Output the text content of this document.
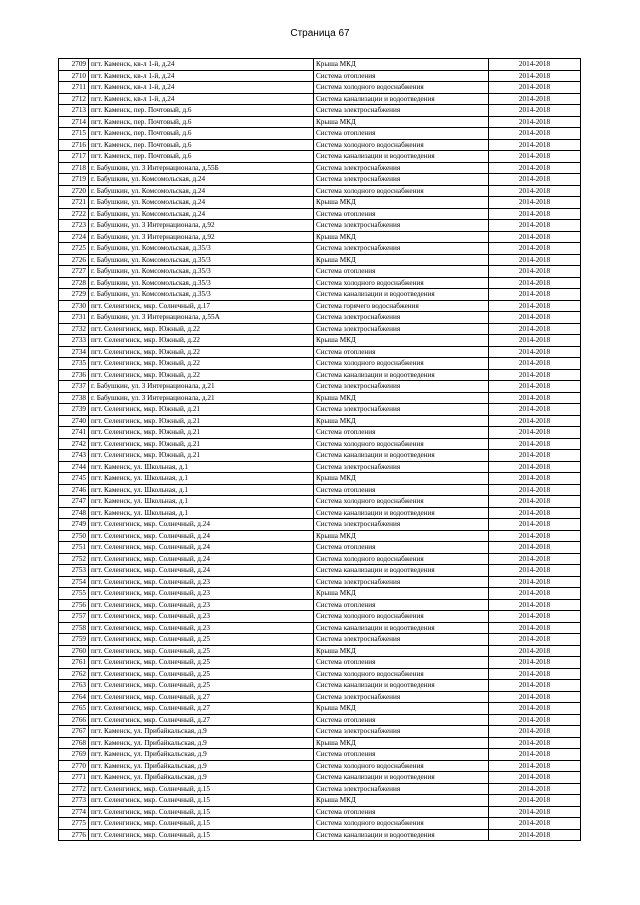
Страница 67
2709	пгт. Каменск, кв-л 1-й, д.24	Крыша МКД	2014-2018
2710	пгт. Каменск, кв-л 1-й, д.24	Система отопления	2014-2018
2711	пгт. Каменск, кв-л 1-й, д.24	Система холодного водоснабжения	2014-2018
2712	пгт. Каменск, кв-л 1-й, д.24	Система канализации и водоотведения	2014-2018
2713	пгт. Каменск, пер. Почтовый, д.6	Система электроснабжения	2014-2018
2714	пгт. Каменск, пер. Почтовый, д.6	Крыша МКД	2014-2018
2715	пгт. Каменск, пер. Почтовый, д.6	Система отопления	2014-2018
2716	пгт. Каменск, пер. Почтовый, д.6	Система холодного водоснабжения	2014-2018
2717	пгт. Каменск, пер. Почтовый, д.6	Система канализации и водоотведения	2014-2018
2718	г. Бабушкин, ул. 3 Интернационала, д.55Б	Система электроснабжения	2014-2018
2719	г. Бабушкин, ул. Комсомольская, д.24	Система электроснабжения	2014-2018
2720	г. Бабушкин, ул. Комсомольская, д.24	Система холодного водоснабжения	2014-2018
2721	г. Бабушкин, ул. Комсомольская, д.24	Крыша МКД	2014-2018
2722	г. Бабушкин, ул. Комсомольская, д.24	Система отопления	2014-2018
2723	г. Бабушкин, ул. 3 Интернационала, д.92	Система электроснабжения	2014-2018
2724	г. Бабушкин, ул. 3 Интернационала, д.92	Крыша МКД	2014-2018
2725	г. Бабушкин, ул. Комсомольская, д.35/3	Система электроснабжения	2014-2018
2726	г. Бабушкин, ул. Комсомольская, д.35/3	Крыша МКД	2014-2018
2727	г. Бабушкин, ул. Комсомольская, д.35/3	Система отопления	2014-2018
2728	г. Бабушкин, ул. Комсомольская, д.35/3	Система холодного водоснабжения	2014-2018
2729	г. Бабушкин, ул. Комсомольская, д.35/3	Система канализации и водоотведения	2014-2018
2730	пгт. Селенгинск, мкр. Солнечный, д.17	Система горячего водоснабжения	2014-2018
2731	г. Бабушкин, ул. 3 Интернационала, д.55А	Система электроснабжения	2014-2018
2732	пгт. Селенгинск, мкр. Южный, д.22	Система электроснабжения	2014-2018
2733	пгт. Селенгинск, мкр. Южный, д.22	Крыша МКД	2014-2018
2734	пгт. Селенгинск, мкр. Южный, д.22	Система отопления	2014-2018
2735	пгт. Селенгинск, мкр. Южный, д.22	Система холодного водоснабжения	2014-2018
2736	пгт. Селенгинск, мкр. Южный, д.22	Система канализации и водоотведения	2014-2018
2737	г. Бабушкин, ул. 3 Интернационала, д.21	Система электроснабжения	2014-2018
2738	г. Бабушкин, ул. 3 Интернационала, д.21	Крыша МКД	2014-2018
2739	пгт. Селенгинск, мкр. Южный, д.21	Система электроснабжения	2014-2018
2740	пгт. Селенгинск, мкр. Южный, д.21	Крыша МКД	2014-2018
2741	пгт. Селенгинск, мкр. Южный, д.21	Система отопления	2014-2018
2742	пгт. Селенгинск, мкр. Южный, д.21	Система холодного водоснабжения	2014-2018
2743	пгт. Селенгинск, мкр. Южный, д.21	Система канализации и водоотведения	2014-2018
2744	пгт. Каменск, ул. Школьная, д.1	Система электроснабжения	2014-2018
2745	пгт. Каменск, ул. Школьная, д.1	Крыша МКД	2014-2018
2746	пгт. Каменск, ул. Школьная, д.1	Система отопления	2014-2018
2747	пгт. Каменск, ул. Школьная, д.1	Система холодного водоснабжения	2014-2018
2748	пгт. Каменск, ул. Школьная, д.1	Система канализации и водоотведения	2014-2018
2749	пгт. Селенгинск, мкр. Солнечный, д.24	Система электроснабжения	2014-2018
2750	пгт. Селенгинск, мкр. Солнечный, д.24	Крыша МКД	2014-2018
2751	пгт. Селенгинск, мкр. Солнечный, д.24	Система отопления	2014-2018
2752	пгт. Селенгинск, мкр. Солнечный, д.24	Система холодного водоснабжения	2014-2018
2753	пгт. Селенгинск, мкр. Солнечный, д.24	Система канализации и водоотведения	2014-2018
2754	пгт. Селенгинск, мкр. Солнечный, д.23	Система электроснабжения	2014-2018
2755	пгт. Селенгинск, мкр. Солнечный, д.23	Крыша МКД	2014-2018
2756	пгт. Селенгинск, мкр. Солнечный, д.23	Система отопления	2014-2018
2757	пгт. Селенгинск, мкр. Солнечный, д.23	Система холодного водоснабжения	2014-2018
2758	пгт. Селенгинск, мкр. Солнечный, д.23	Система канализации и водоотведения	2014-2018
2759	пгт. Селенгинск, мкр. Солнечный, д.25	Система электроснабжения	2014-2018
2760	пгт. Селенгинск, мкр. Солнечный, д.25	Крыша МКД	2014-2018
2761	пгт. Селенгинск, мкр. Солнечный, д.25	Система отопления	2014-2018
2762	пгт. Селенгинск, мкр. Солнечный, д.25	Система холодного водоснабжения	2014-2018
2763	пгт. Селенгинск, мкр. Солнечный, д.25	Система канализации и водоотведения	2014-2018
2764	пгт. Селенгинск, мкр. Солнечный, д.27	Система электроснабжения	2014-2018
2765	пгт. Селенгинск, мкр. Солнечный, д.27	Крыша МКД	2014-2018
2766	пгт. Селенгинск, мкр. Солнечный, д.27	Система отопления	2014-2018
2767	пгт. Каменск, ул. Прибайкальская, д.9	Система электроснабжения	2014-2018
2768	пгт. Каменск, ул. Прибайкальская, д.9	Крыша МКД	2014-2018
2769	пгт. Каменск, ул. Прибайкальская, д.9	Система отопления	2014-2018
2770	пгт. Каменск, ул. Прибайкальская, д.9	Система холодного водоснабжения	2014-2018
2771	пгт. Каменск, ул. Прибайкальская, д.9	Система канализации и водоотведения	2014-2018
2772	пгт. Селенгинск, мкр. Солнечный, д.15	Система электроснабжения	2014-2018
2773	пгт. Селенгинск, мкр. Солнечный, д.15	Крыша МКД	2014-2018
2774	пгт. Селенгинск, мкр. Солнечный, д.15	Система отопления	2014-2018
2775	пгт. Селенгинск, мкр. Солнечный, д.15	Система холодного водоснабжения	2014-2018
2776	пгт. Селенгинск, мкр. Солнечный, д.15	Система канализации и водоотведения	2014-2018
